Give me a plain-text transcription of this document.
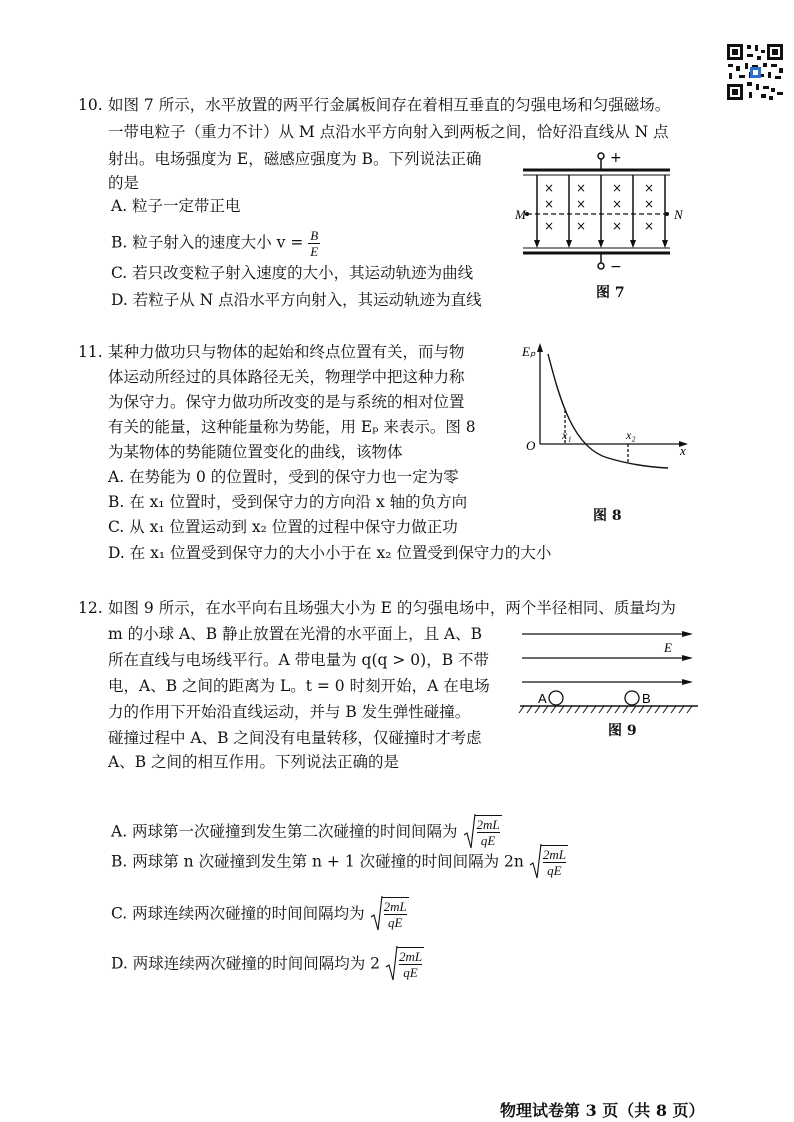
10. 如图 7 所示，水平放置的两平行金属板间存在着相互垂直的匀强电场和匀强磁场。
一带电粒子（重力不计）从 M 点沿水平方向射入到两板之间，恰好沿直线从 N 点
射出。电场强度为 E，磁感应强度为 B。下列说法正确
的是
A. 粒子一定带正电
B. 粒子射入的速度大小 $v = \frac{B}{E}$
C. 若只改变粒子射入速度的大小，其运动轨迹为曲线
D. 若粒子从 N 点沿水平方向射入，其运动轨迹为直线
× × × ×
× × × ×
× × × ×
+
−
M	N
图 7
11. 某种力做功只与物体的起始和终点位置有关，而与物
体运动所经过的具体路径无关，物理学中把这种力称
为保守力。保守力做功所改变的是与系统的相对位置
有关的能量，这种能量称为势能，用 Eₚ 来表示。图 8
为某物体的势能随位置变化的曲线，该物体
A. 在势能为 0 的位置时，受到的保守力也一定为零
B. 在 x₁ 位置时，受到保守力的方向沿 x 轴的负方向
C. 从 x₁ 位置运动到 x₂ 位置的过程中保守力做正功
D. 在 x₁ 位置受到保守力的大小小于在 x₂ 位置受到保守力的大小
Eₚ
x
O
x₁	x₂
图 8
12. 如图 9 所示，在水平向右且场强大小为 E 的匀强电场中，两个半径相同、质量均为
m 的小球 A、B 静止放置在光滑的水平面上，且 A、B
所在直线与电场线平行。A 带电量为 q(q > 0)，B 不带
电，A、B 之间的距离为 L。t = 0 时刻开始，A 在电场
力的作用下开始沿直线运动，并与 B 发生弹性碰撞。
碰撞过程中 A、B 之间没有电量转移，仅碰撞时才考虑
A、B 之间的相互作用。下列说法正确的是
E
A	B
图 9
A. 两球第一次碰撞到发生第二次碰撞的时间间隔为 $\frac{2mL}{qE}$
B. 两球第 n 次碰撞到发生第 n + 1 次碰撞的时间间隔为 $2n \frac{2mL}{qE}$
C. 两球连续两次碰撞的时间间隔均为 $\frac{2mL}{qE}$
D. 两球连续两次碰撞的时间间隔均为 $2 \frac{2mL}{qE}$
物理试卷第 3 页（共 8 页）
